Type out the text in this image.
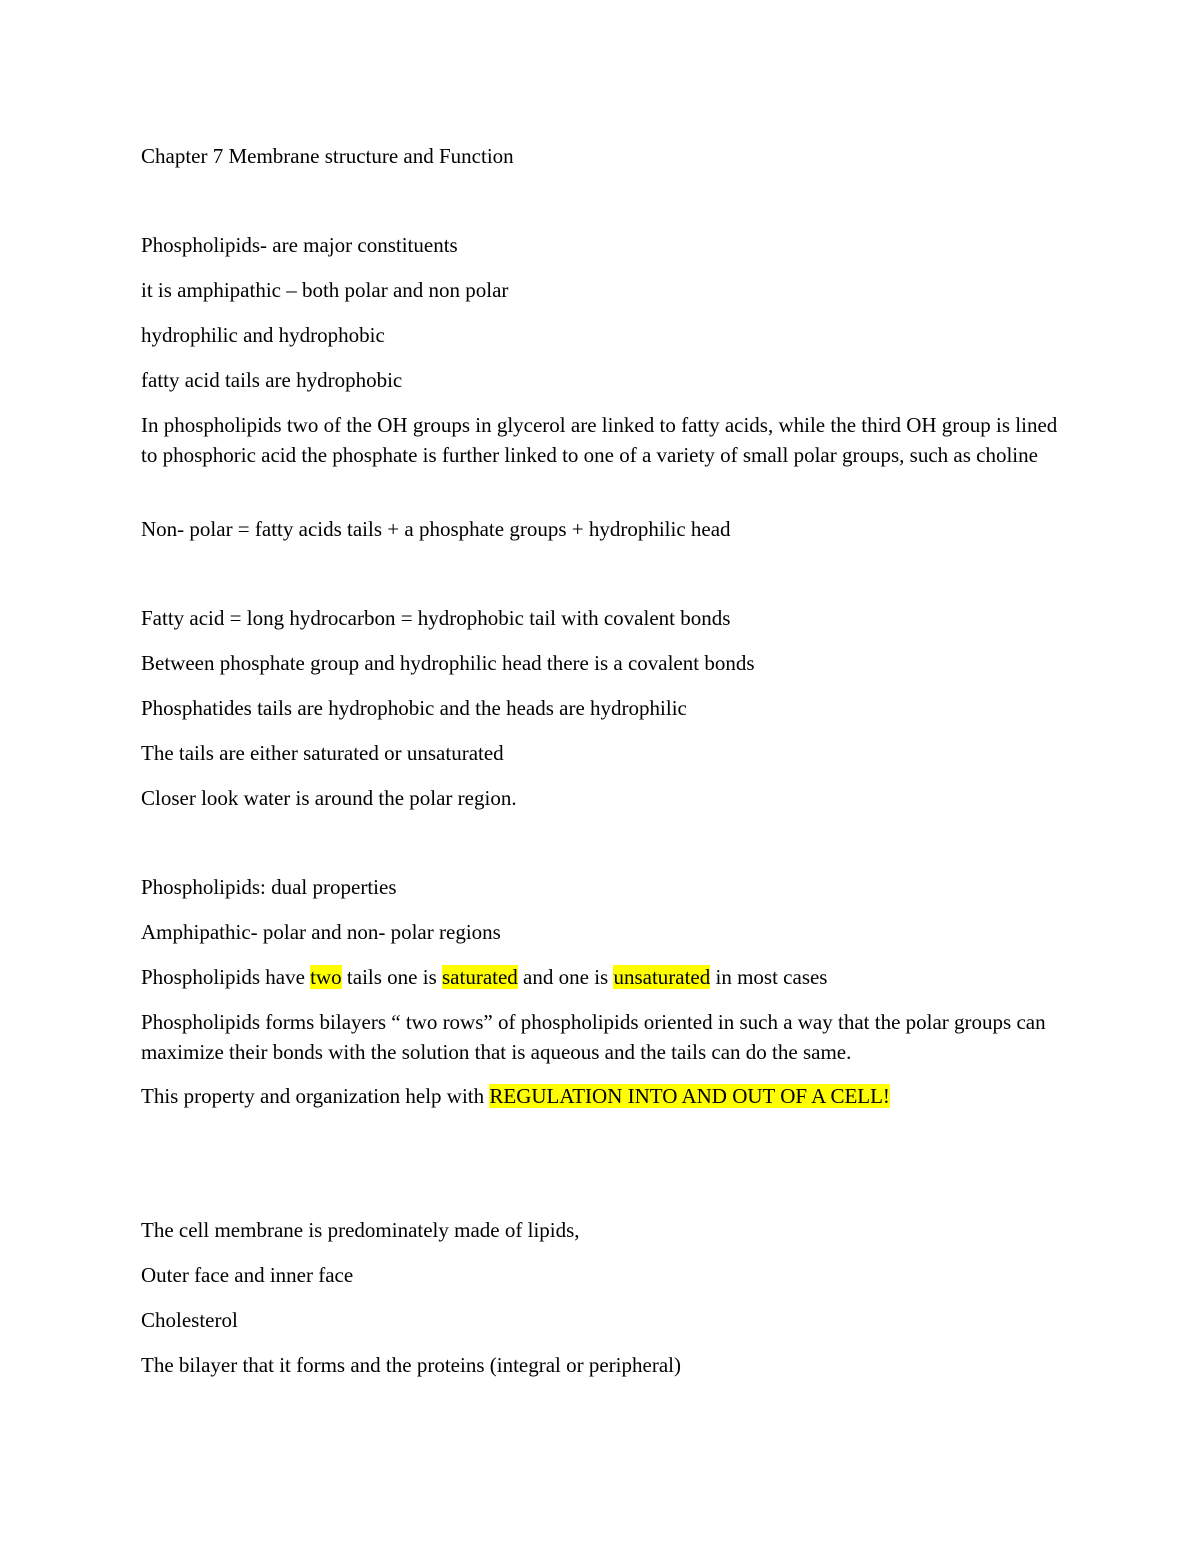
Chapter 7 Membrane structure and Function

Phospholipids- are major constituents

it is amphipathic – both polar and non polar

hydrophilic and hydrophobic

fatty acid tails are hydrophobic

In phospholipids two of the OH groups in glycerol are linked to fatty acids, while the third OH group is lined to phosphoric acid the phosphate is further linked to one of a variety of small polar groups, such as choline

Non- polar = fatty acids tails + a phosphate groups + hydrophilic head

Fatty acid = long hydrocarbon = hydrophobic tail with covalent bonds

Between phosphate group and hydrophilic head there is a covalent bonds

Phosphatides tails are hydrophobic and the heads are hydrophilic

The tails are either saturated or unsaturated

Closer look water is around the polar region.

Phospholipids: dual properties

Amphipathic- polar and non- polar regions

Phospholipids have two tails one is saturated and one is unsaturated in most cases

Phospholipids forms bilayers “ two rows” of phospholipids oriented in such a way that the polar groups can maximize their bonds with the solution that is aqueous and the tails can do the same.

This property and organization help with REGULATION INTO AND OUT OF A CELL!

The cell membrane is predominately made of lipids,

Outer face and inner face

Cholesterol

The bilayer that it forms and the proteins (integral or peripheral)
